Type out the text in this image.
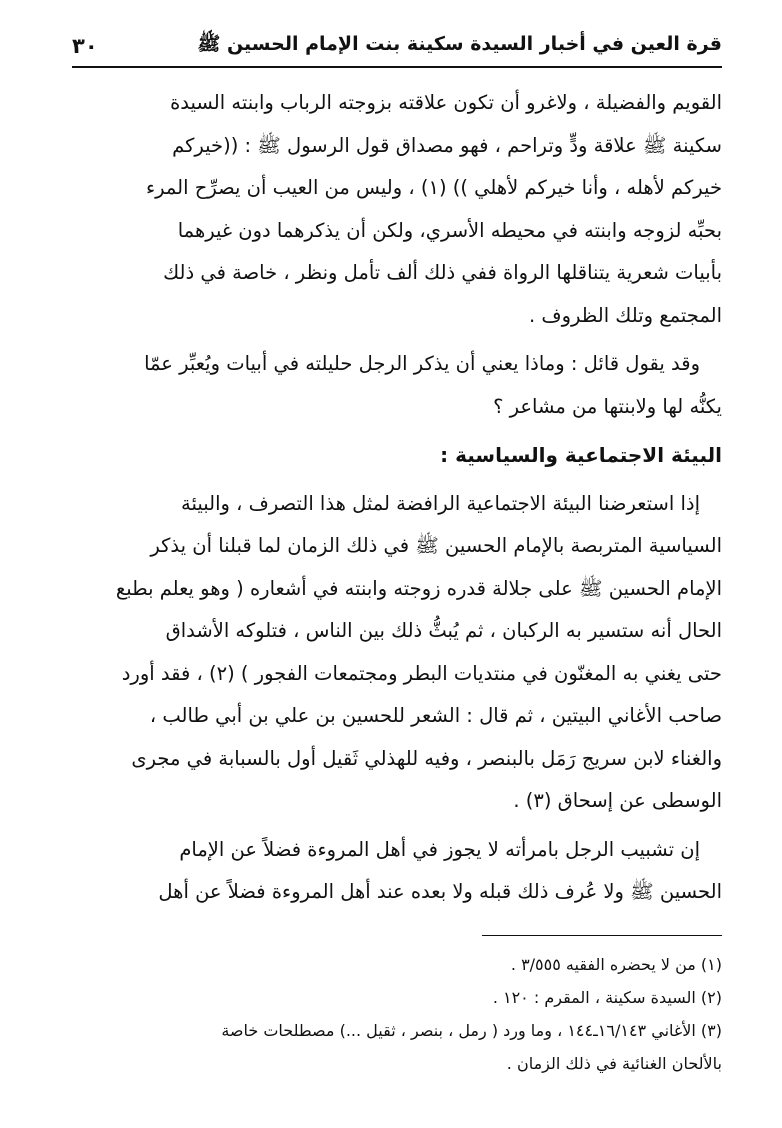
قرة العين في أخبار السيدة سكينة بنت الإمام الحسين ﷺ
٣٠

القويم والفضيلة ، ولاغرو أن تكون علاقته بزوجته الرباب وابنته السيدة
سكينة ﷺ علاقة ودٍّ وتراحم ، فهو مصداق قول الرسول ﷺ : ((خيركم
خيركم لأهله ، وأنا خيركم لأهلي )) (١) ، وليس من العيب أن يصرِّح المرء
بحبِّه لزوجه وابنته في محيطه الأسري، ولكن أن يذكرهما دون غيرهما
بأبيات شعرية يتناقلها الرواة ففي ذلك ألف تأمل ونظر ، خاصة في ذلك
المجتمع وتلك الظروف .

وقد يقول قائل : وماذا يعني أن يذكر الرجل حليلته في أبيات ويُعبِّر عمّا
يكنُّه لها ولابنتها من مشاعر ؟

البيئة الاجتماعية والسياسية :

إذا استعرضنا البيئة الاجتماعية الرافضة لمثل هذا التصرف ، والبيئة
السياسية المتربصة بالإمام الحسين ﷺ في ذلك الزمان لما قبلنا أن يذكر
الإمام الحسين ﷺ على جلالة قدره زوجته وابنته في أشعاره ( وهو يعلم بطبع
الحال أنه ستسير به الركبان ، ثم يُبثُّ ذلك بين الناس ، فتلوكه الأشداق
حتى يغني به المغنّون في منتديات البطر ومجتمعات الفجور ) (٢) ، فقد أورد
صاحب الأغاني البيتين ، ثم قال : الشعر للحسين بن علي بن أبي طالب ،
والغناء لابن سريج رَمَل بالبنصر ، وفيه للهذلي ثَقيل أول بالسبابة في مجرى
الوسطى عن إسحاق (٣) .

إن تشبيب الرجل بامرأته لا يجوز في أهل المروءة فضلاً عن الإمام
الحسين ﷺ ولا عُرف ذلك قبله ولا بعده عند أهل المروءة فضلاً عن أهل

(١) من لا يحضره الفقيه ٣/٥٥٥ .

(٢) السيدة سكينة ، المقرم : ١٢٠ .

(٣) الأغاني ١٦/١٤٣ـ١٤٤ ، وما ورد ( رمل ، بنصر ، ثقيل ...) مصطلحات خاصة
بالألحان الغنائية في ذلك الزمان .
